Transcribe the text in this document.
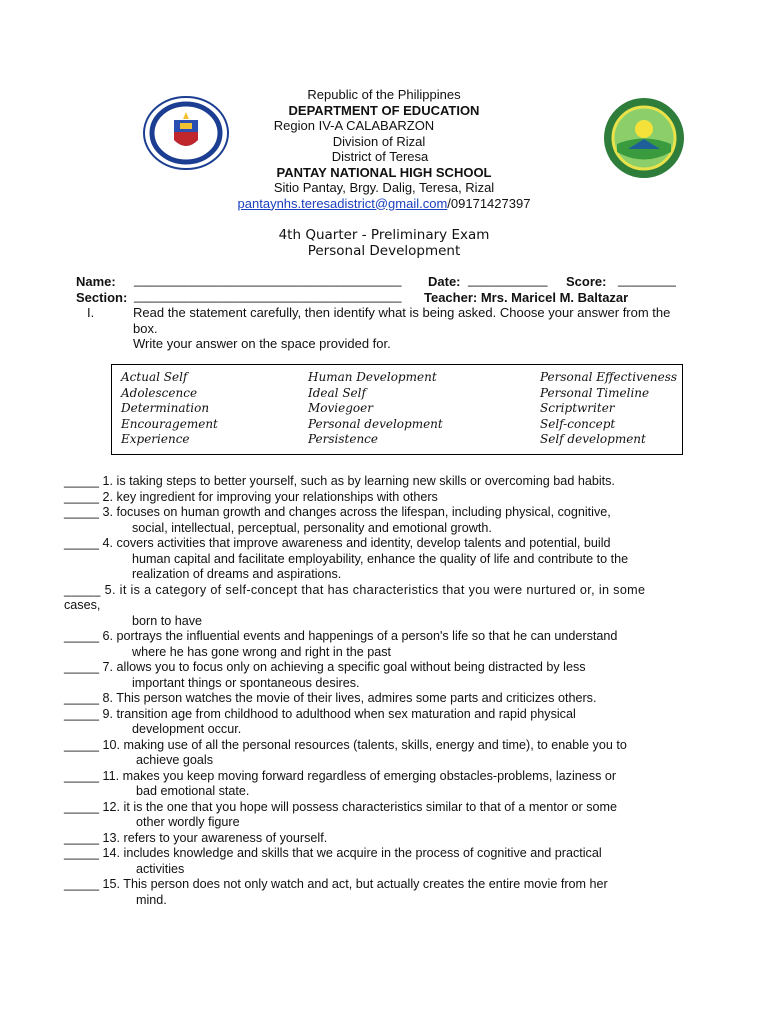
Republic of the Philippines
DEPARTMENT OF EDUCATION
Region IV-A CALABARZON
Division of Rizal
District of Teresa
PANTAY NATIONAL HIGH SCHOOL
Sitio Pantay, Brgy. Dalig, Teresa, Rizal
pantaynhs.teresadistrict@gmail.com/09171427397
4th Quarter - Preliminary Exam
Personal Development
Name: _____________________________________ Date: ___________ Score: ________
Section: _____________________________________ Teacher: Mrs. Maricel M. Baltazar
I.	Read the statement carefully, then identify what is being asked. Choose your answer from the
box.
Write your answer on the space provided for.
Actual Self
Adolescence
Determination
Encouragement
Experience
Human Development
Ideal Self
Moviegoer
Personal development
Persistence
Personal Effectiveness
Personal Timeline
Scriptwriter
Self-concept
Self development
_____ 1. is taking steps to better yourself, such as by learning new skills or overcoming bad habits.
_____ 2. key ingredient for improving your relationships with others
_____ 3. focuses on human growth and changes across the lifespan, including physical, cognitive,
social, intellectual, perceptual, personality and emotional growth.
_____ 4. covers activities that improve awareness and identity, develop talents and potential, build
human capital and facilitate employability, enhance the quality of life and contribute to the
realization of dreams and aspirations.
_____ 5. it is a category of self-concept that has characteristics that you were nurtured or, in some
cases,
born to have
_____ 6. portrays the influential events and happenings of a person's life so that he can understand
where he has gone wrong and right in the past
_____ 7. allows you to focus only on achieving a specific goal without being distracted by less
important things or spontaneous desires.
_____ 8. This person watches the movie of their lives, admires some parts and criticizes others.
_____ 9. transition age from childhood to adulthood when sex maturation and rapid physical
development occur.
_____ 10. making use of all the personal resources (talents, skills, energy and time), to enable you to
achieve goals
_____ 11. makes you keep moving forward regardless of emerging obstacles-problems, laziness or
bad emotional state.
_____ 12. it is the one that you hope will possess characteristics similar to that of a mentor or some
other wordly figure
_____ 13. refers to your awareness of yourself.
_____ 14. includes knowledge and skills that we acquire in the process of cognitive and practical
activities
_____ 15. This person does not only watch and act, but actually creates the entire movie from her
mind.
